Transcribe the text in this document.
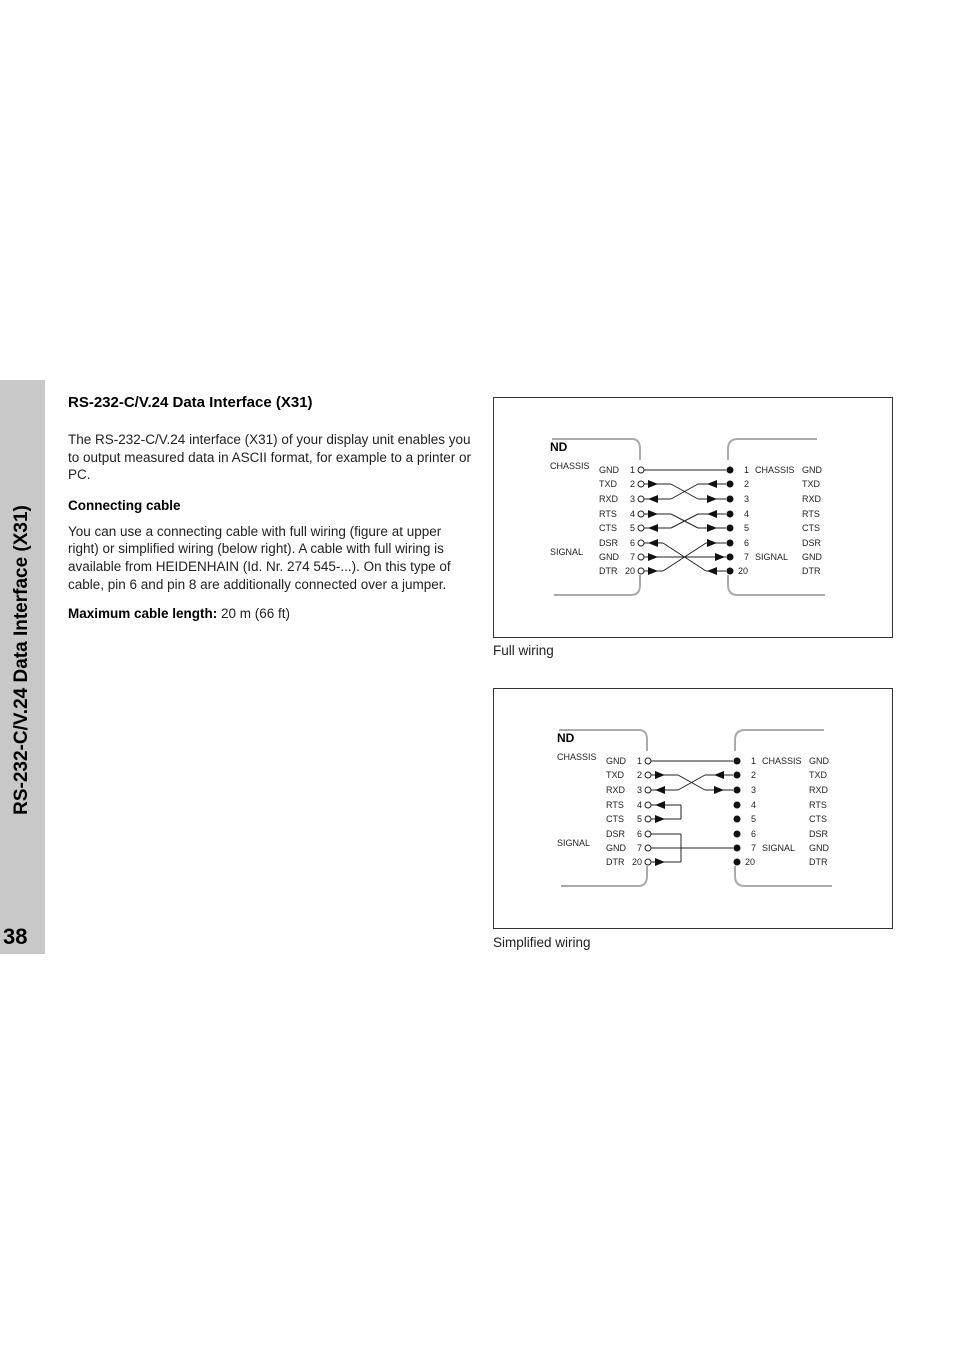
RS-232-C/V.24 Data Interface (X31)
38
RS-232-C/V.24 Data Interface (X31)

The RS-232-C/V.24 interface (X31) of your display unit enables you to output measured data in ASCII format, for example to a printer or PC.

Connecting cable

You can use a connecting cable with full wiring (figure at upper right) or simplified wiring (below right). A cable with full wiring is available from HEIDENHAIN (Id. Nr. 274 545-...). On this type of cable, pin 6 and pin 8 are additionally connected over a jumper.

Maximum cable length: 20 m (66 ft)

ND
CHASSIS
SIGNAL
CHASSIS
SIGNAL
GND 1
TXD 2
RXD 3
RTS 4
CTS 5
DSR 6
GND 7
DTR 20
1	GND
2	TXD
3	RXD
4	RTS
5	CTS
6	DSR
7	GND
20	DTR
Full wiring
ND
CHASSIS
SIGNAL
CHASSIS
SIGNAL
GND 1
TXD 2
RXD 3
RTS 4
CTS 5
DSR 6
GND 7
DTR 20
1	GND
2	TXD
3	RXD
4	RTS
5	CTS
6	DSR
7	GND
20	DTR
Simplified wiring
